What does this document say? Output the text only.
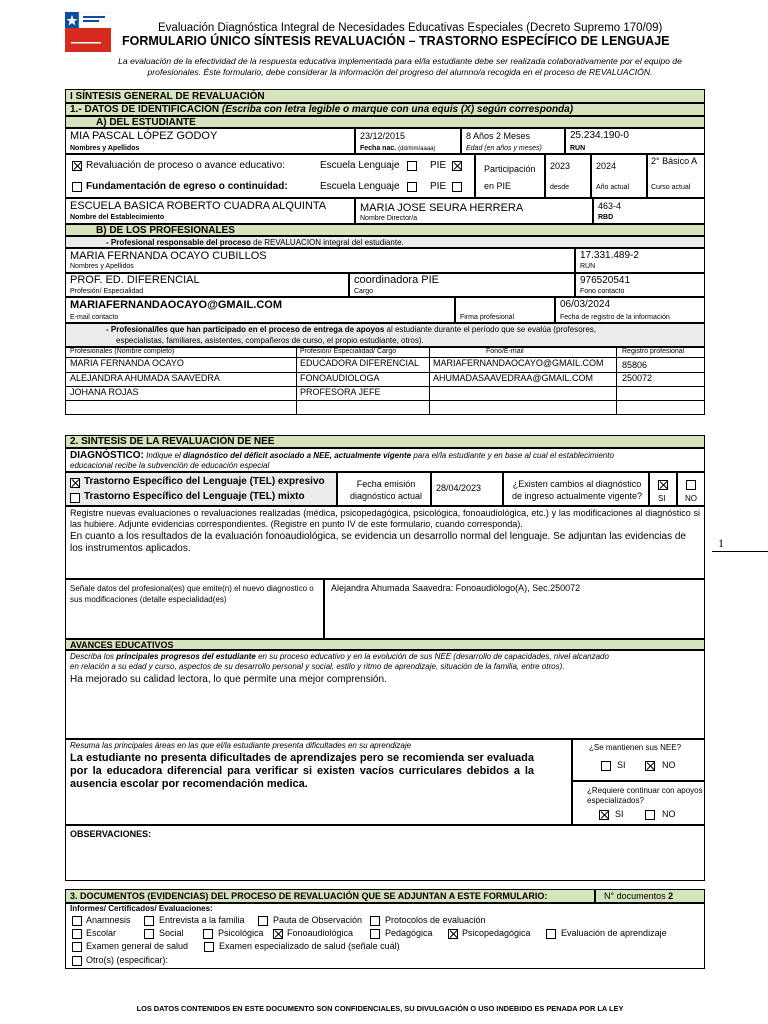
Evaluación Diagnóstica Integral de Necesidades Educativas Especiales (Decreto Supremo 170/09)
FORMULARIO ÚNICO SÍNTESIS REVALUACIÓN – TRASTORNO ESPECÍFICO DE LENGUAJE
La evaluación de la efectividad de la respuesta educativa implementada para el/la estudiante debe ser realizada colaborativamente por el equipo de profesionales. Éste formulario, debe considerar la información del progreso del alumno/a recogida en el proceso de REVALUACIÓN.
1
I SÍNTESIS GENERAL DE REVALUACIÓN
1.- DATOS DE IDENTIFICACIÓN (Escriba con letra legible o marque con una equis (X) según corresponda)
A) DEL ESTUDIANTE
MIA PASCAL LÓPEZ GODOY
Nombres y Apellidos
23/12/2015
Fecha nac. (dd/mm/aaaa)
8 Años 2 Meses
Edad (en años y meses)
25.234.190-0
RUN
Revaluación de proceso o avance educativo:	Escuela Lenguaje	PIE
Fundamentación de egreso o continuidad:	Escuela Lenguaje	PIE
Participación en PIE
2023
desde
2024
Año actual
2° Básico A
Curso actual
ESCUELA BASICA ROBERTO CUADRA ALQUINTA
Nombre del Establecimiento
MARIA JOSE SEURA HERRERA
Nombre Director/a
463-4
RBD
B) DE LOS PROFESIONALES
- Profesional responsable del proceso de REVALUACION integral del estudiante.
MARIA FERNANDA OCAYO CUBILLOS
Nombres y Apellidos
17.331.489-2
RUN
PROF. ED. DIFERENCIAL
Profesión/ Especialidad
coordinadora PIE
Cargo
976520541
Fono contacto
MARIAFERNANDAOCAYO@GMAIL.COM
E-mail contacto	Firma profesional
06/03/2024
Fecha de registro de la información
- Profesional/les que han participado en el proceso de entrega de apoyos al estudiante durante el período que se evalúa (profesores,
especialistas, familiares, asistentes, compañeros de curso, el propio estudiante, otros).
Profesionales (Nombre completo)	Profesión/ Especialidad/ Cargo	Fono/E-mail	Registro profesional
MARIA FERNANDA OCAYO	EDUCADORA DIFERENCIAL MARIAFERNANDAOCAYO@GMAIL.COM	85806
ALEJANDRA AHUMADA SAAVEDRA	FONOAUDIOLOGA	AHUMADASAAVEDRAA@GMAIL.COM	250072
JOHANA ROJAS	PROFESORA JEFE
2. SÍNTESIS DE LA REVALUACIÓN DE NEE
DIAGNÓSTICO: Indique el diagnóstico del déficit asociado a NEE, actualmente vigente para el/la estudiante y en base al cual el establecimiento
educacional recibe la subvención de educación especial
Trastorno Específico del Lenguaje (TEL) expresivo
Trastorno Específico del Lenguaje (TEL) mixto
Fecha emisión diagnóstico actual
28/04/2023	¿Existen cambios al diagnóstico de ingreso actualmente vigente?	SI NO
Registre nuevas evaluaciones o revaluaciones realizadas (médica, psicopedagógica, psicológica, fonoaudiológica, etc.) y las modificaciones al diagnóstico si las hubiere. Adjunte evidencias correspondientes. (Registre en punto IV de este formulario, cuando corresponda).
En cuanto a los resultados de la evaluación fonoaudiológica, se evidencia un desarrollo normal del lenguaje. Se adjuntan las evidencias de los instrumentos aplicados.
Señale datos del profesional(es) que emite(n) el nuevo diagnostico o sus modificaciones (detalle especialidad(es)
Alejandra Ahumada Saavedra: Fonoaudiólogo(A), Sec.250072
AVANCES EDUCATIVOS
Describa los principales progresos del estudiante en su proceso educativo y en la evolución de sus NEE (desarrollo de capacidades, nivel alcanzado
en relación a su edad y curso, aspectos de su desarrollo personal y social, estilo y ritmo de aprendizaje, situación de la familia, entre otros).
Ha mejorado su calidad lectora, lo que permite una mejor comprensión.
Resuma las principales áreas en las que el/la estudiante presenta dificultades en su aprendizaje
La estudiante no presenta dificultades de aprendizajes pero se recomienda ser evaluada por la educadora diferencial para verificar si existen vacíos curriculares debidos a la ausencia escolar por recomendación medica.
¿Se mantienen sus NEE?
SI	NO
¿Requiere continuar con apoyos especializados?
SI	NO
OBSERVACIONES:
3. DOCUMENTOS (EVIDENCIAS) DEL PROCESO DE REVALUACIÓN QUE SE ADJUNTAN A ESTE FORMULARIO:	N° documentos 2
Informes/ Certificados/ Evaluaciones:
Anamnesis	Entrevista a la familia	Pauta de Observación	Protocolos de evaluación
Escolar	Social	Psicológica	Fonoaudiológica	Pedagógica	Psicopedagógica	Evaluación de aprendizaje
Examen general de salud	Examen especializado de salud (señale cuál)
Otro(s) (especificar):
LOS DATOS CONTENIDOS EN ESTE DOCUMENTO SON CONFIDENCIALES, SU DIVULGACIÓN O USO INDEBIDO ES PENADA POR LA LEY
